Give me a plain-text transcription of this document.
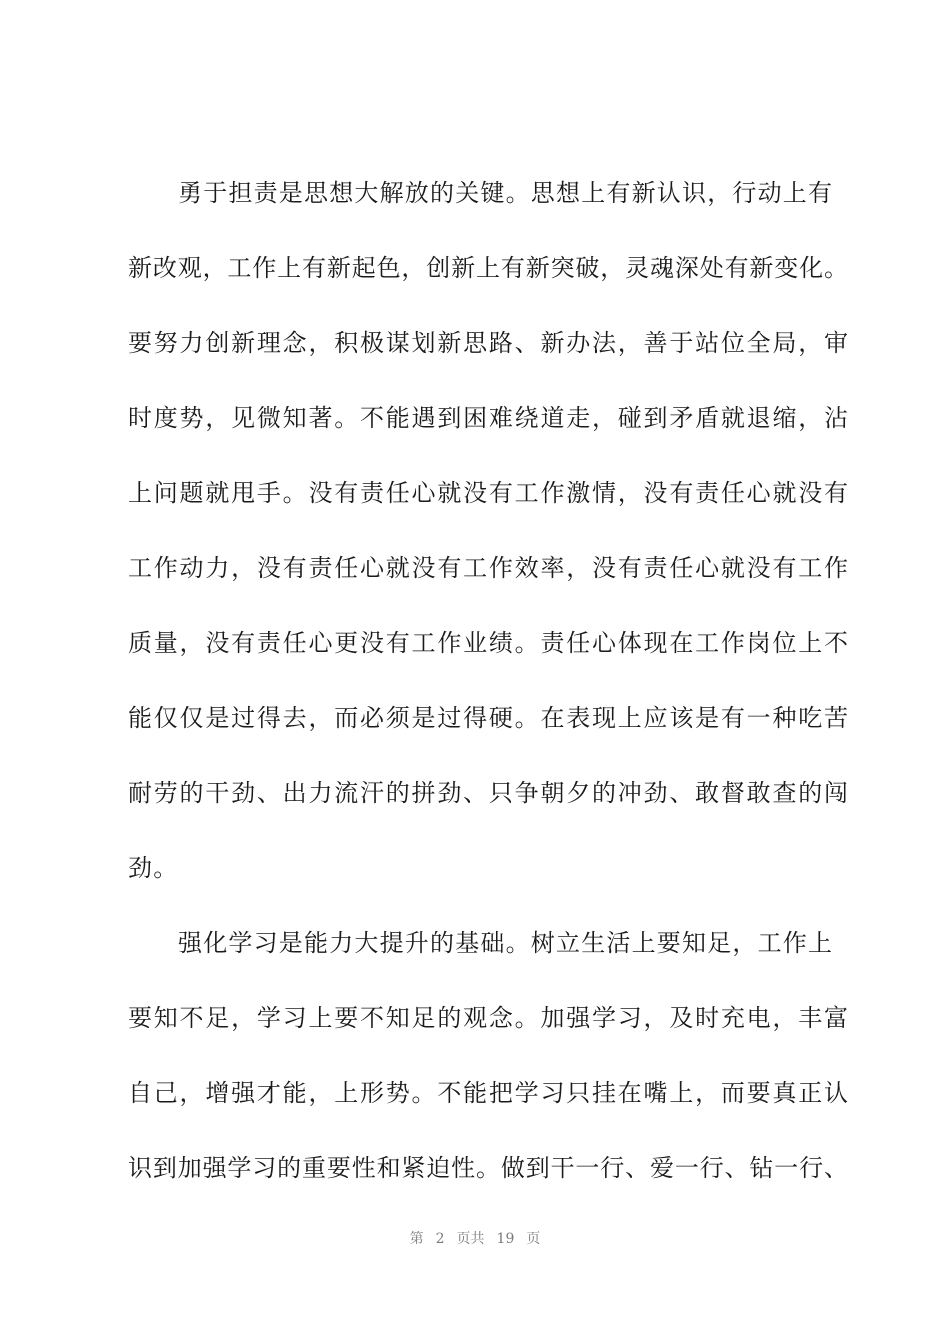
勇于担责是思想大解放的关键。思想上有新认识，行动上有
新改观，工作上有新起色，创新上有新突破，灵魂深处有新变化。
要努力创新理念，积极谋划新思路、新办法，善于站位全局，审
时度势，见微知著。不能遇到困难绕道走，碰到矛盾就退缩，沾
上问题就甩手。没有责任心就没有工作激情，没有责任心就没有
工作动力，没有责任心就没有工作效率，没有责任心就没有工作
质量，没有责任心更没有工作业绩。责任心体现在工作岗位上不
能仅仅是过得去，而必须是过得硬。在表现上应该是有一种吃苦
耐劳的干劲、出力流汗的拼劲、只争朝夕的冲劲、敢督敢查的闯
劲。
强化学习是能力大提升的基础。树立生活上要知足，工作上
要知不足，学习上要不知足的观念。加强学习，及时充电，丰富
自己，增强才能，上形势。不能把学习只挂在嘴上，而要真正认
识到加强学习的重要性和紧迫性。做到干一行、爱一行、钻一行、
第 2 页共 19 页
